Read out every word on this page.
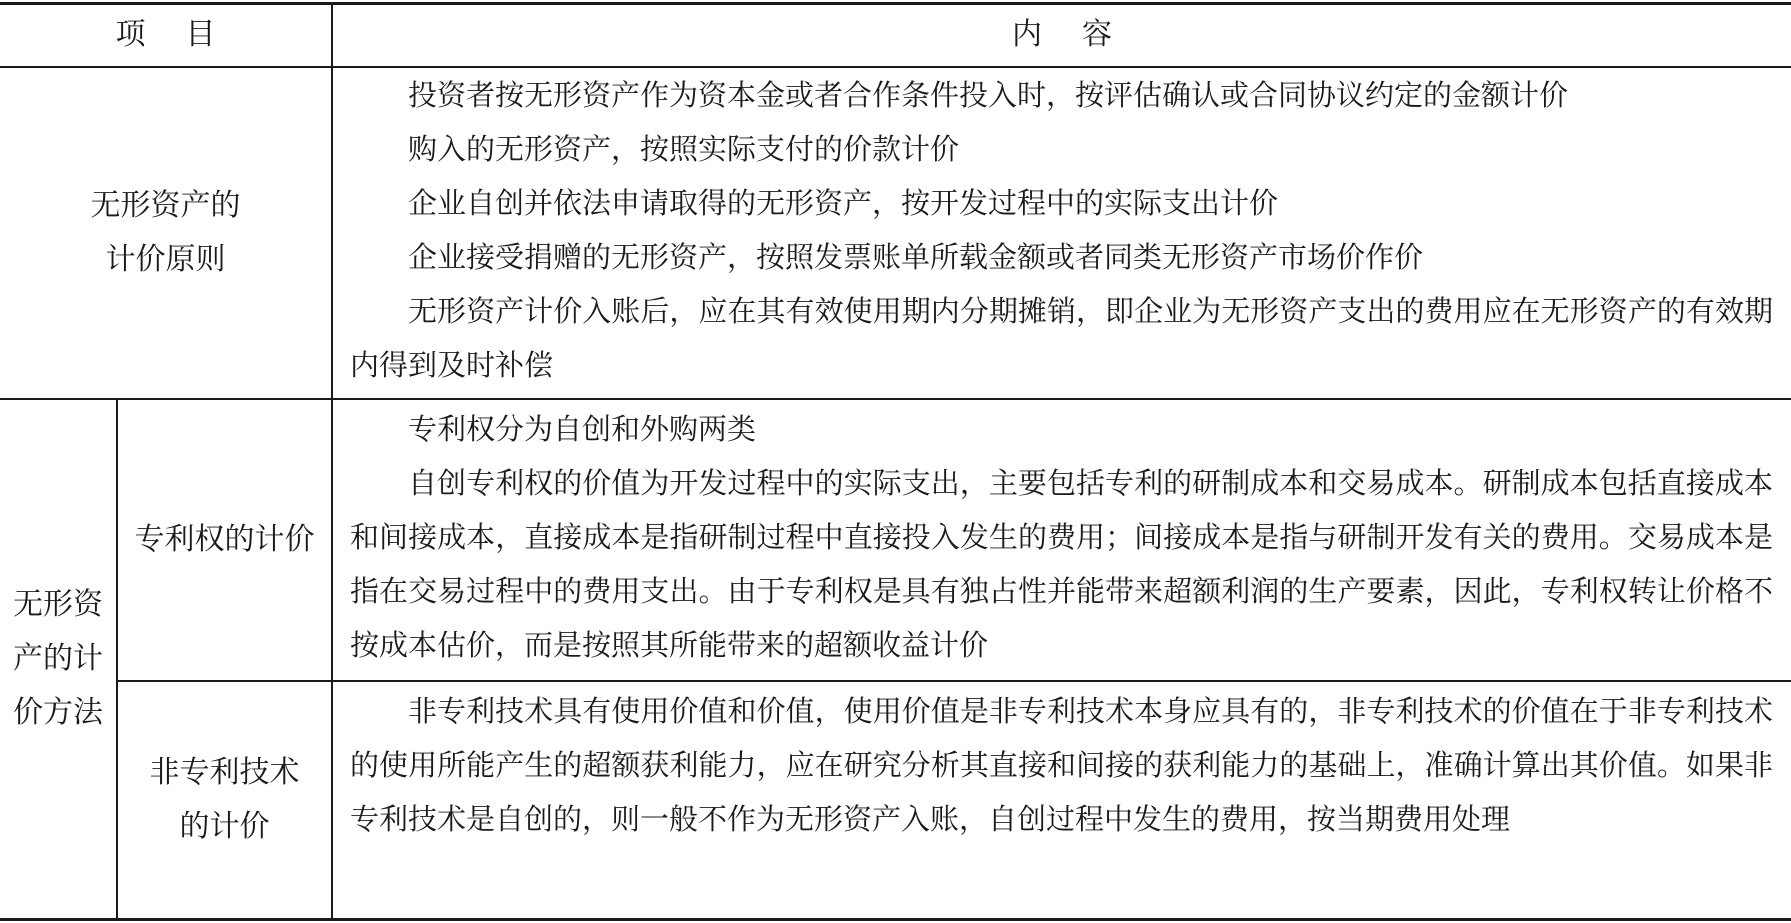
项目	内容
无形资产的
计价原则

投资者按无形资产作为资本金或者合作条件投入时，按评估确认或合同协议约定的金额计价

购入的无形资产，按照实际支付的价款计价

企业自创并依法申请取得的无形资产，按开发过程中的实际支出计价

企业接受捐赠的无形资产，按照发票账单所载金额或者同类无形资产市场价作价

无形资产计价入账后，应在其有效使用期内分期摊销，即企业为无形资产支出的费用应在无形资产的有效期内得到及时补偿

无形资
产的计
价方法
专利权的计价

专利权分为自创和外购两类

自创专利权的价值为开发过程中的实际支出，主要包括专利的研制成本和交易成本。研制成本包括直接成本和间接成本，直接成本是指研制过程中直接投入发生的费用；间接成本是指与研制开发有关的费用。交易成本是指在交易过程中的费用支出。由于专利权是具有独占性并能带来超额利润的生产要素，因此，专利权转让价格不按成本估价，而是按照其所能带来的超额收益计价

非专利技术
的计价

非专利技术具有使用价值和价值，使用价值是非专利技术本身应具有的，非专利技术的价值在于非专利技术的使用所能产生的超额获利能力，应在研究分析其直接和间接的获利能力的基础上，准确计算出其价值。如果非专利技术是自创的，则一般不作为无形资产入账，自创过程中发生的费用，按当期费用处理
